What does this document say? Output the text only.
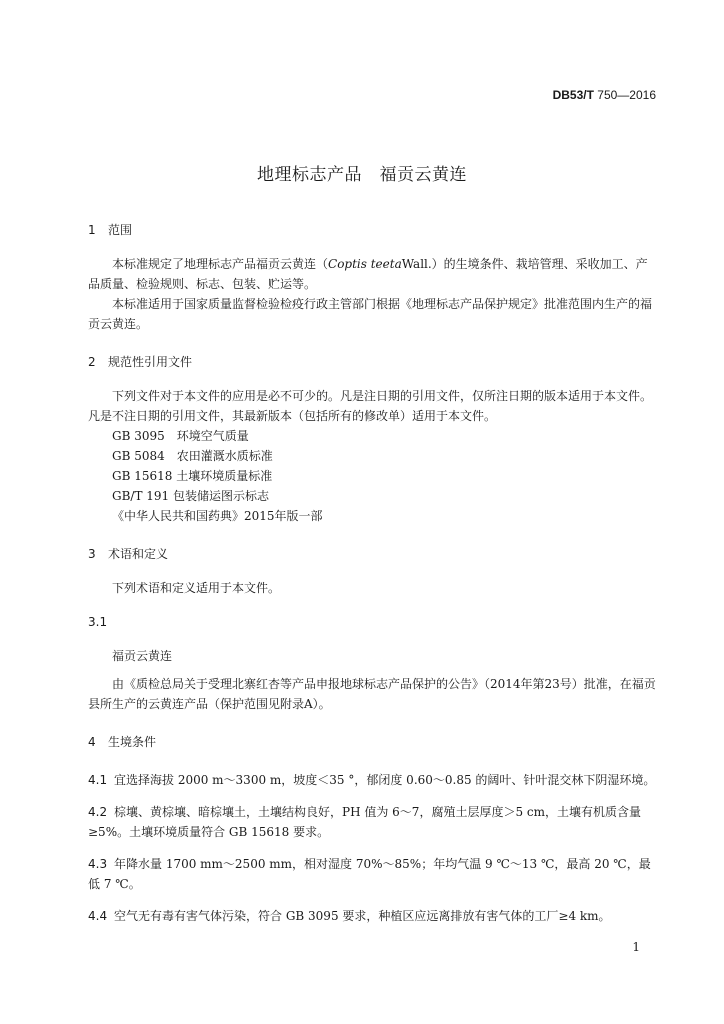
DB53/T 750—2016
地理标志产品　福贡云黄连
1 范围

本标准规定了地理标志产品福贡云黄连（Coptis teetaWall.）的生境条件、栽培管理、采收加工、产品质量、检验规则、标志、包装、贮运等。

本标准适用于国家质量监督检验检疫行政主管部门根据《地理标志产品保护规定》批准范围内生产的福贡云黄连。

2 规范性引用文件

下列文件对于本文件的应用是必不可少的。凡是注日期的引用文件，仅所注日期的版本适用于本文件。凡是不注日期的引用文件，其最新版本（包括所有的修改单）适用于本文件。

GB 3095　环境空气质量

GB 5084　农田灌溉水质标准

GB 15618 土壤环境质量标准

GB/T 191 包装储运图示标志

《中华人民共和国药典》2015年版一部

3 术语和定义

下列术语和定义适用于本文件。

3.1

福贡云黄连

由《质检总局关于受理北寨红杏等产品申报地球标志产品保护的公告》（2014年第23号）批准，在福贡县所生产的云黄连产品（保护范围见附录A）。

4 生境条件

4.1 宜选择海拔 2000 m～3300 m，坡度＜35 °，郁闭度 0.60～0.85 的阔叶、针叶混交林下阴湿环境。

4.2 棕壤、黄棕壤、暗棕壤土，土壤结构良好，PH 值为 6～7，腐殖土层厚度＞5 cm，土壤有机质含量≥5%。土壤环境质量符合 GB 15618 要求。

4.3 年降水量 1700 mm～2500 mm，相对湿度 70%～85%；年均气温 9 ℃～13 ℃，最高 20 ℃，最低 7 ℃。

4.4 空气无有毒有害气体污染，符合 GB 3095 要求，种植区应远离排放有害气体的工厂≥4 km。

1
